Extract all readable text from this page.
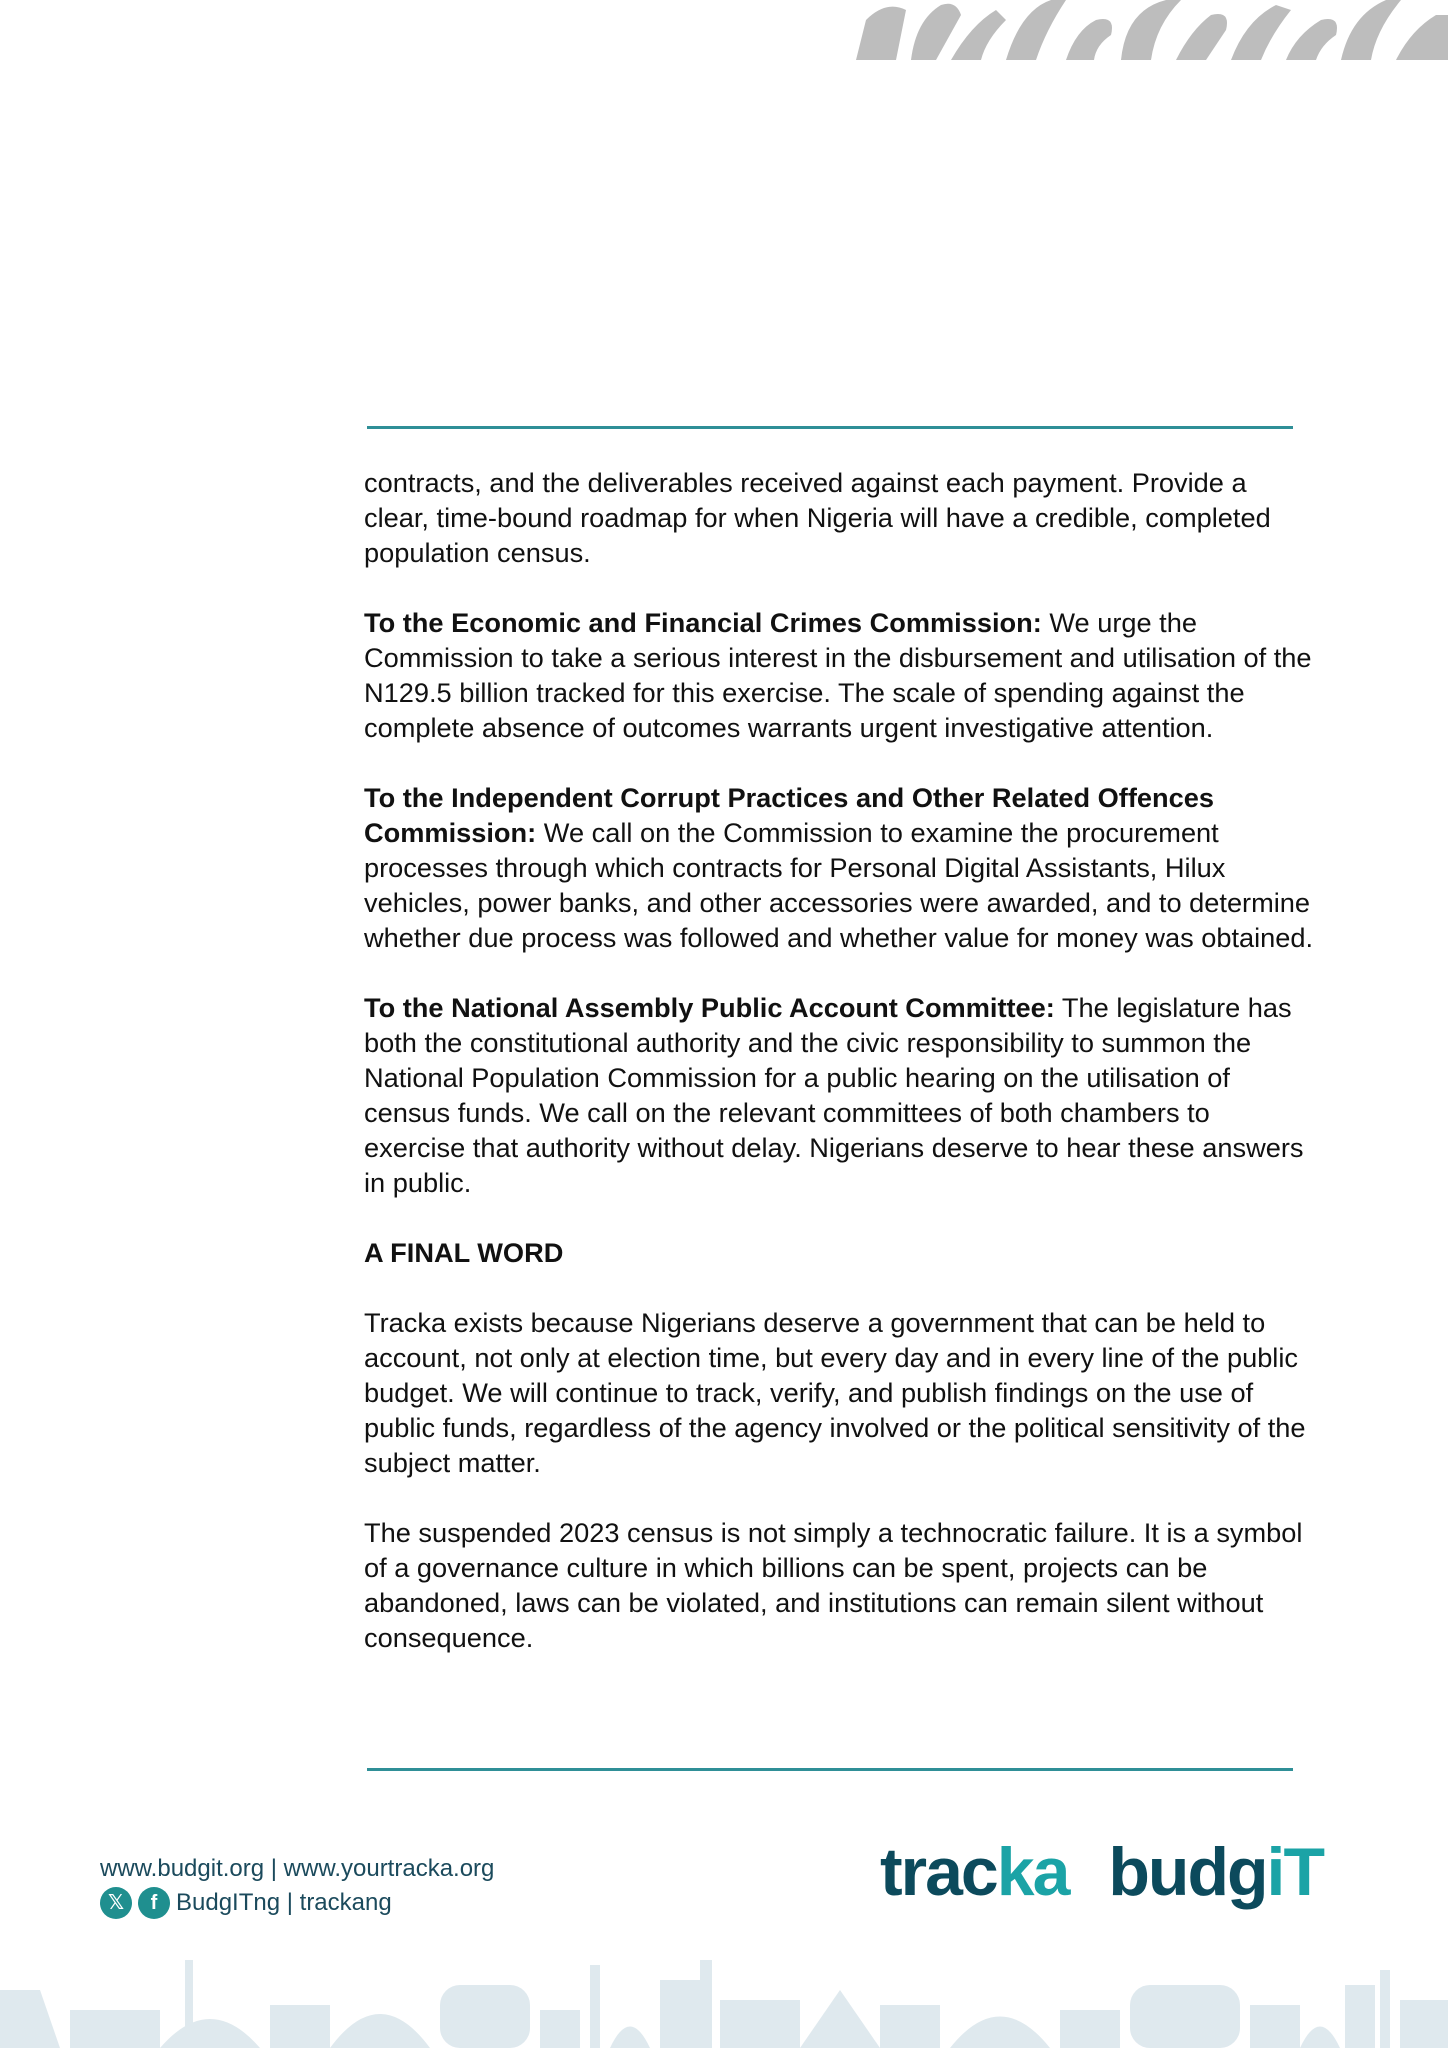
contracts, and the deliverables received against each payment. Provide a clear, time-bound roadmap for when Nigeria will have a credible, completed population census.

To the Economic and Financial Crimes Commission: We urge the Commission to take a serious interest in the disbursement and utilisation of the N129.5 billion tracked for this exercise. The scale of spending against the complete absence of outcomes warrants urgent investigative attention.

To the Independent Corrupt Practices and Other Related Offences Commission: We call on the Commission to examine the procurement processes through which contracts for Personal Digital Assistants, Hilux vehicles, power banks, and other accessories were awarded, and to determine whether due process was followed and whether value for money was obtained.

To the National Assembly Public Account Committee: The legislature has both the constitutional authority and the civic responsibility to summon the National Population Commission for a public hearing on the utilisation of census funds. We call on the relevant committees of both chambers to exercise that authority without delay. Nigerians deserve to hear these answers in public.

A FINAL WORD

Tracka exists because Nigerians deserve a government that can be held to account, not only at election time, but every day and in every line of the public budget. We will continue to track, verify, and publish findings on the use of public funds, regardless of the agency involved or the political sensitivity of the subject matter.

The suspended 2023 census is not simply a technocratic failure. It is a symbol of a governance culture in which billions can be spent, projects can be abandoned, laws can be violated, and institutions can remain silent without consequence.

www.budgit.org | www.yourtracka.org
𝕏	f BudgITng | trackang	tracka budgiT
